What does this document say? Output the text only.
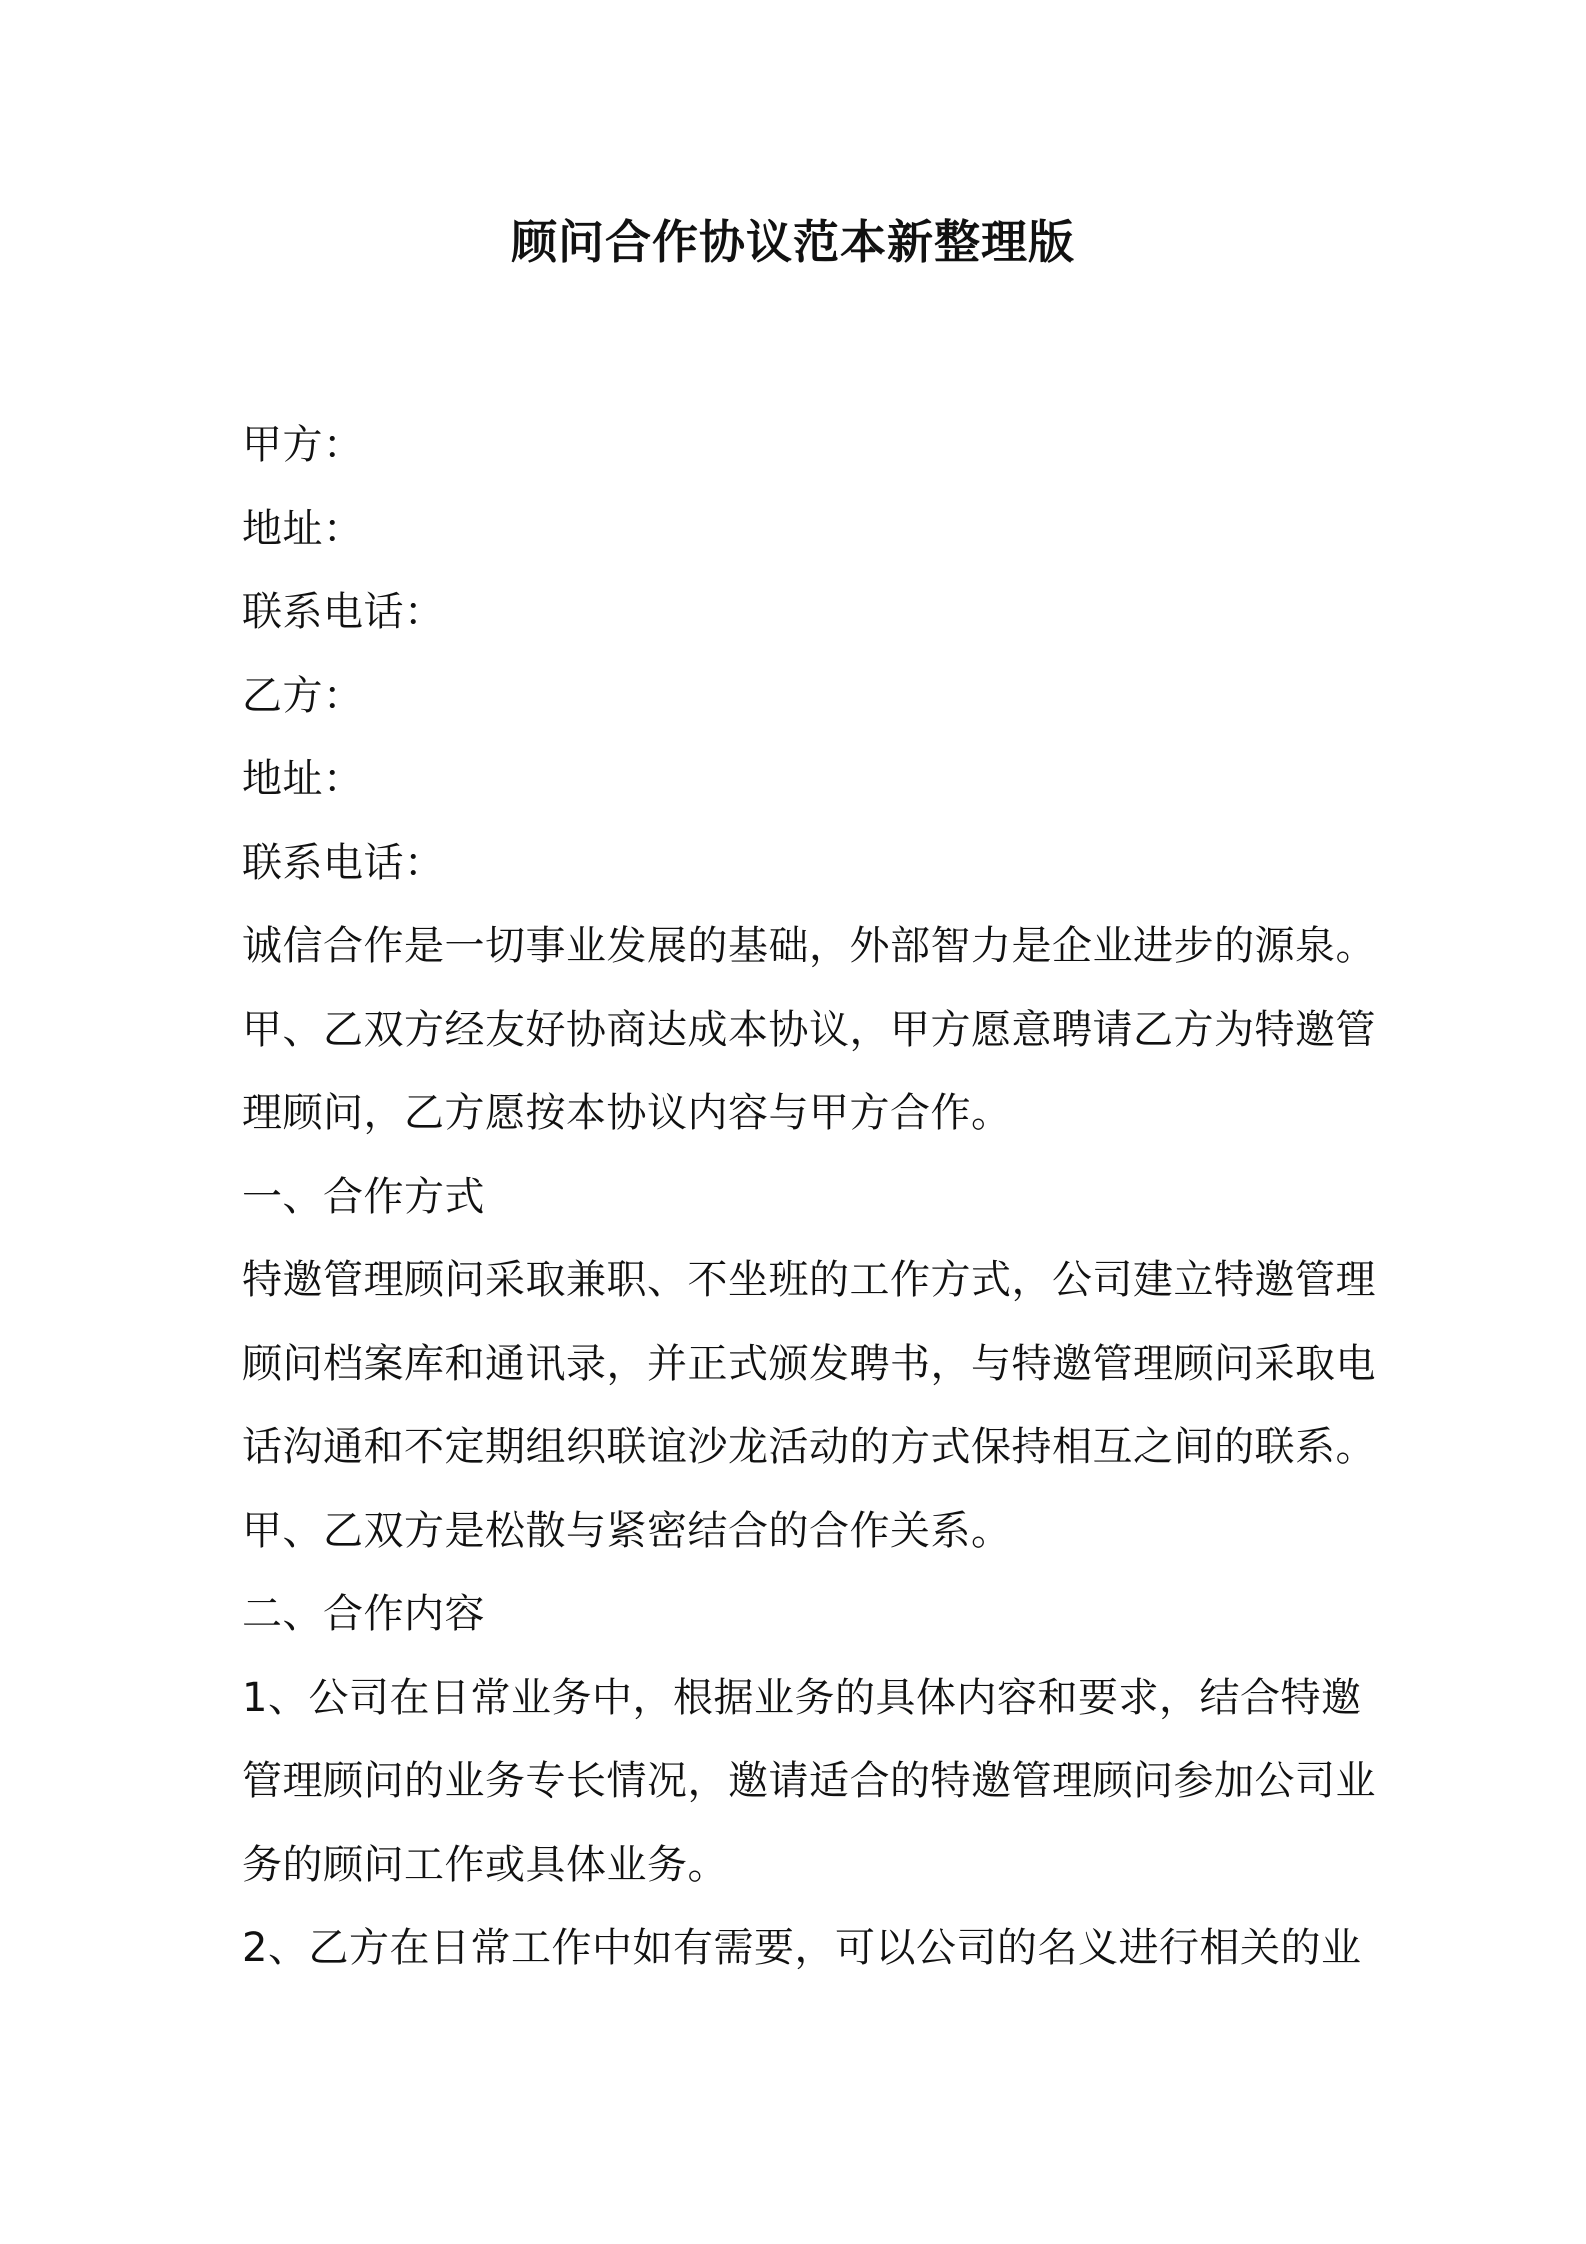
顾问合作协议范本新整理版
甲方：
地址：
联系电话：
乙方：
地址：
联系电话：
诚信合作是一切事业发展的基础，外部智力是企业进步的源泉。
甲、乙双方经友好协商达成本协议，甲方愿意聘请乙方为特邀管
理顾问，乙方愿按本协议内容与甲方合作。
一、合作方式
特邀管理顾问采取兼职、不坐班的工作方式，公司建立特邀管理
顾问档案库和通讯录，并正式颁发聘书，与特邀管理顾问采取电
话沟通和不定期组织联谊沙龙活动的方式保持相互之间的联系。
甲、乙双方是松散与紧密结合的合作关系。
二、合作内容
1、公司在日常业务中，根据业务的具体内容和要求，结合特邀
管理顾问的业务专长情况，邀请适合的特邀管理顾问参加公司业
务的顾问工作或具体业务。
2、乙方在日常工作中如有需要，可以公司的名义进行相关的业
